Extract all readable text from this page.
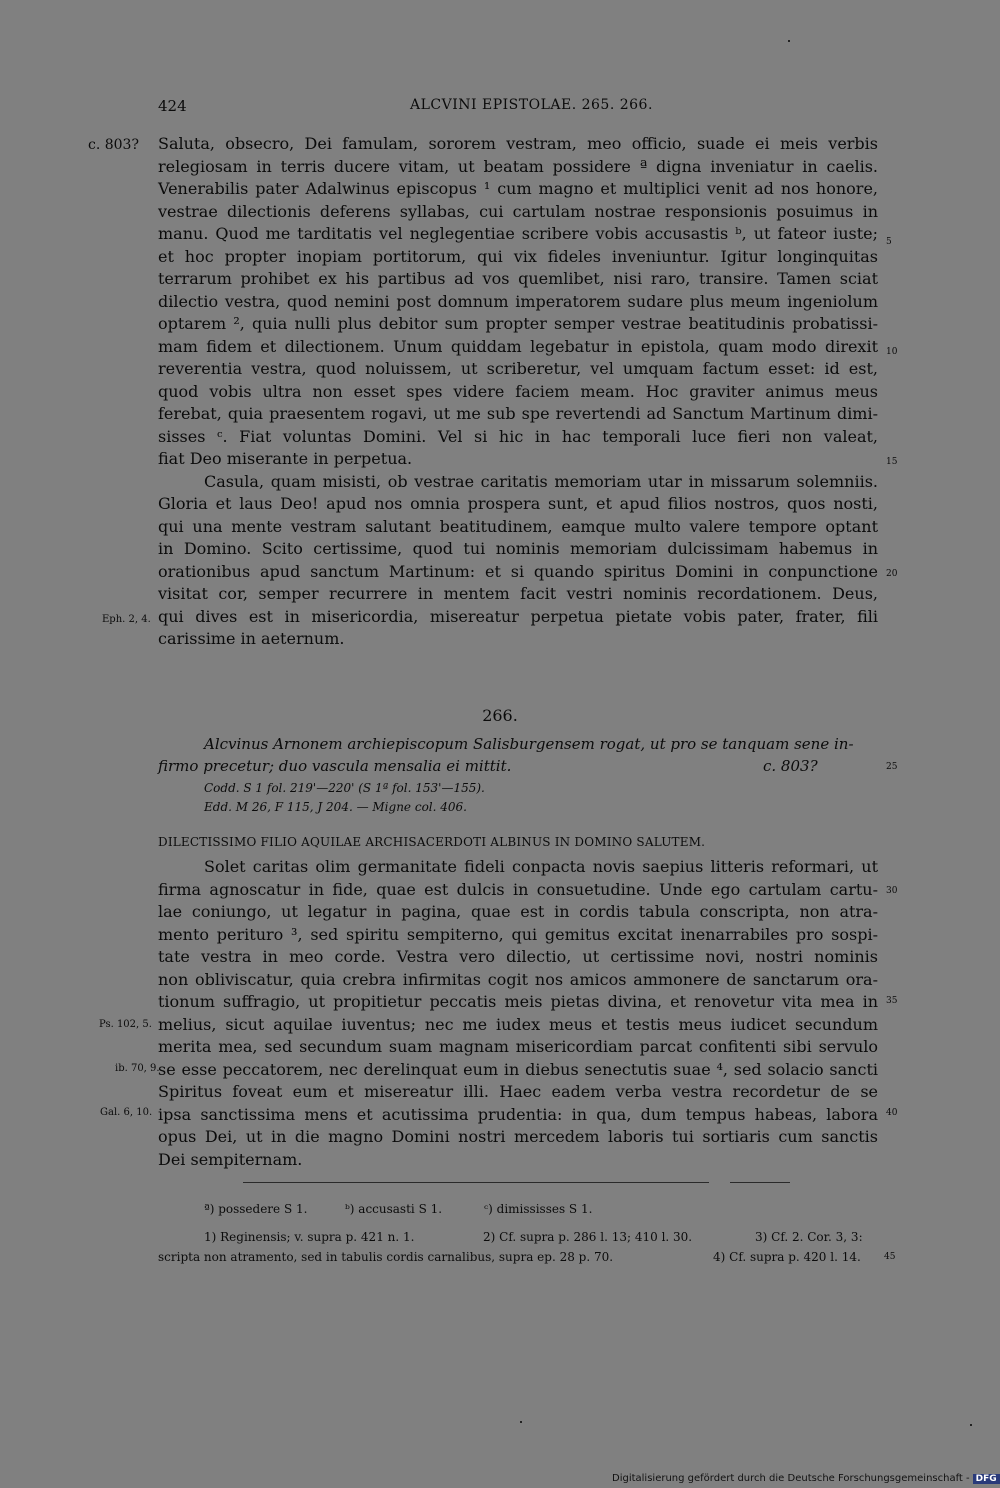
424	ALCVINI EPISTOLAE. 265. 266.
c. 803? Saluta, obsecro, Dei famulam, sororem vestram, meo officio, suade ei meis verbis
relegiosam in terris ducere vitam, ut beatam possidere ª digna inveniatur in caelis.
Venerabilis pater Adalwinus episcopus ¹ cum magno et multiplici venit ad nos honore,
vestrae dilectionis deferens syllabas, cui cartulam nostrae responsionis posuimus in
manu. Quod me tarditatis vel neglegentiae scribere vobis accusastis ᵇ, ut fateor iuste;
et hoc propter inopiam portitorum, qui vix fideles inveniuntur. Igitur longinquitas
terrarum prohibet ex his partibus ad vos quemlibet, nisi raro, transire. Tamen sciat
dilectio vestra, quod nemini post domnum imperatorem sudare plus meum ingeniolum
optarem ², quia nulli plus debitor sum propter semper vestrae beatitudinis probatissi-
mam fidem et dilectionem. Unum quiddam legebatur in epistola, quam modo direxit
reverentia vestra, quod noluissem, ut scriberetur, vel umquam factum esset: id est,
quod vobis ultra non esset spes videre faciem meam. Hoc graviter animus meus
ferebat, quia praesentem rogavi, ut me sub spe revertendi ad Sanctum Martinum dimi-
sisses ᶜ. Fiat voluntas Domini. Vel si hic in hac temporali luce fieri non valeat,
fiat Deo miserante in perpetua.
Casula, quam misisti, ob vestrae caritatis memoriam utar in missarum solemniis.
Gloria et laus Deo! apud nos omnia prospera sunt, et apud filios nostros, quos nosti,
qui una mente vestram salutant beatitudinem, eamque multo valere tempore optant
in Domino. Scito certissime, quod tui nominis memoriam dulcissimam habemus in
orationibus apud sanctum Martinum: et si quando spiritus Domini in conpunctione
visitat cor, semper recurrere in mentem facit vestri nominis recordationem. Deus,
qui dives est in misericordia, misereatur perpetua pietate vobis pater, frater, fili
carissime in aeternum.
Eph. 2, 4.
5
10
15
20
266.
Alcvinus Arnonem archiepiscopum Salisburgensem rogat, ut pro se tanquam sene in-
firmo precetur; duo vascula mensalia ei mittit.	c. 803?	25
Codd. S 1 fol. 219'—220' (S 1ª fol. 153'—155).
Edd. M 26, F 115, J 204. — Migne col. 406.
DILECTISSIMO FILIO AQUILAE ARCHISACERDOTI ALBINUS IN DOMINO SALUTEM.
Solet caritas olim germanitate fideli conpacta novis saepius litteris reformari, ut
firma agnoscatur in fide, quae est dulcis in consuetudine. Unde ego cartulam cartu-
lae coniungo, ut legatur in pagina, quae est in cordis tabula conscripta, non atra-
mento perituro ³, sed spiritu sempiterno, qui gemitus excitat inenarrabiles pro sospi-
tate vestra in meo corde. Vestra vero dilectio, ut certissime novi, nostri nominis
non obliviscatur, quia crebra infirmitas cogit nos amicos ammonere de sanctarum ora-
tionum suffragio, ut propitietur peccatis meis pietas divina, et renovetur vita mea in
melius, sicut aquilae iuventus; nec me iudex meus et testis meus iudicet secundum
merita mea, sed secundum suam magnam misericordiam parcat confitenti sibi servulo
se esse peccatorem, nec derelinquat eum in diebus senectutis suae ⁴, sed solacio sancti
Spiritus foveat eum et misereatur illi. Haec eadem verba vestra recordetur de se
ipsa sanctissima mens et acutissima prudentia: in qua, dum tempus habeas, labora
opus Dei, ut in die magno Domini nostri mercedem laboris tui sortiaris cum sanctis
Dei sempiternam.
Ps. 102, 5.
ib. 70, 9.
Gal. 6, 10.
30
35
40
ª) possedere S 1.	ᵇ) accusasti S 1.	ᶜ) dimississes S 1.
1) Reginensis; v. supra p. 421 n. 1.	2) Cf. supra p. 286 l. 13; 410 l. 30.	3) Cf. 2. Cor. 3, 3:
scripta non atramento, sed in tabulis cordis carnalibus, supra ep. 28 p. 70.	4) Cf. supra p. 420 l. 14.	45
Digitalisierung gefördert durch die Deutsche Forschungsgemeinschaft - DFG
